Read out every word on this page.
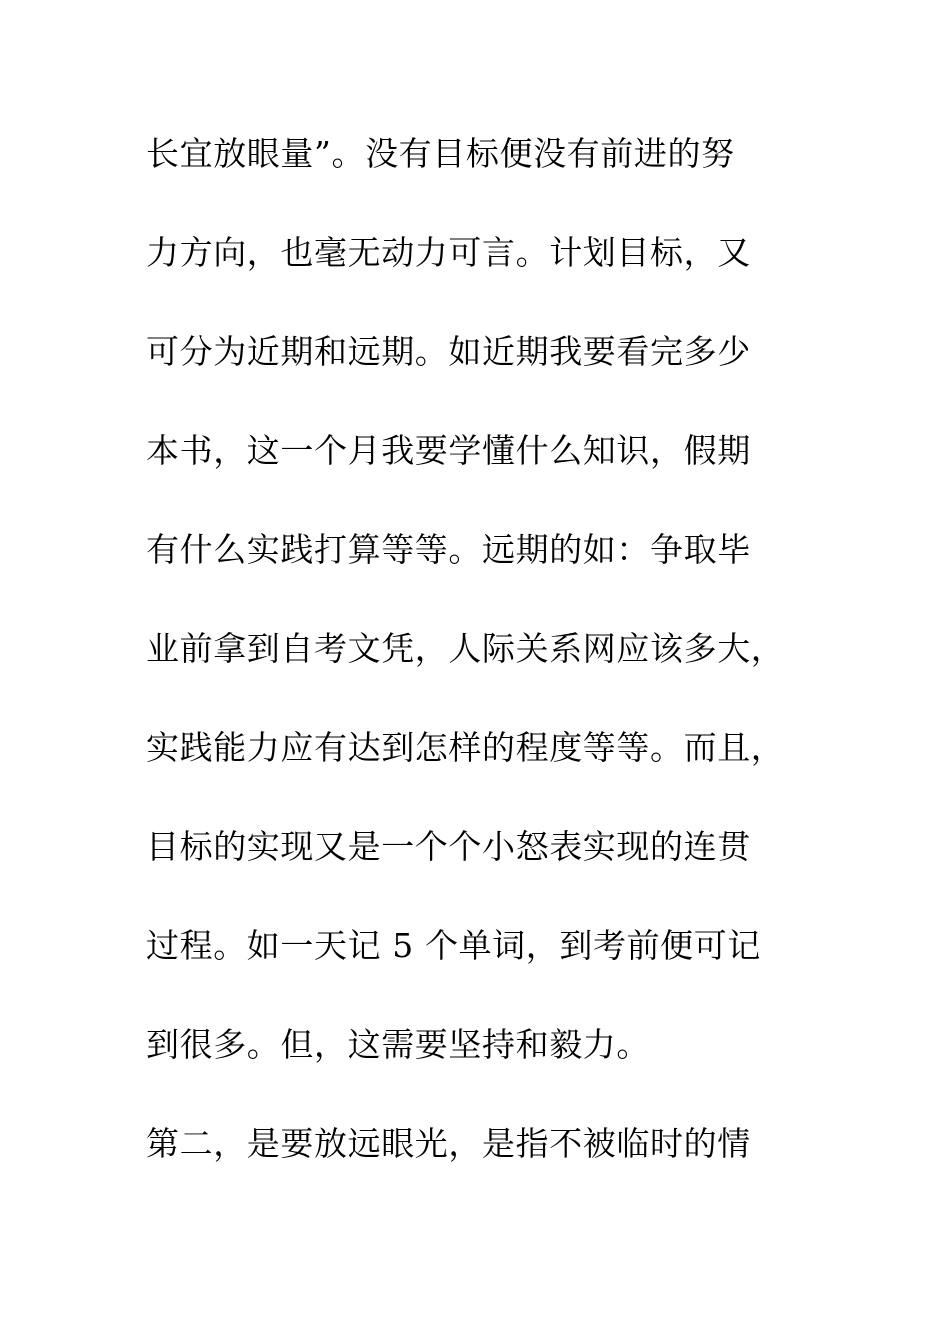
长宜放眼量”。没有目标便没有前进的努
力方向，也毫无动力可言。计划目标，又
可分为近期和远期。如近期我要看完多少
本书，这一个月我要学懂什么知识，假期
有什么实践打算等等。远期的如：争取毕
业前拿到自考文凭，人际关系网应该多大，
实践能力应有达到怎样的程度等等。而且，
目标的实现又是一个个小怒表实现的连贯
过程。如一天记 5 个单词，到考前便可记
到很多。但，这需要坚持和毅力。
第二，是要放远眼光，是指不被临时的情
